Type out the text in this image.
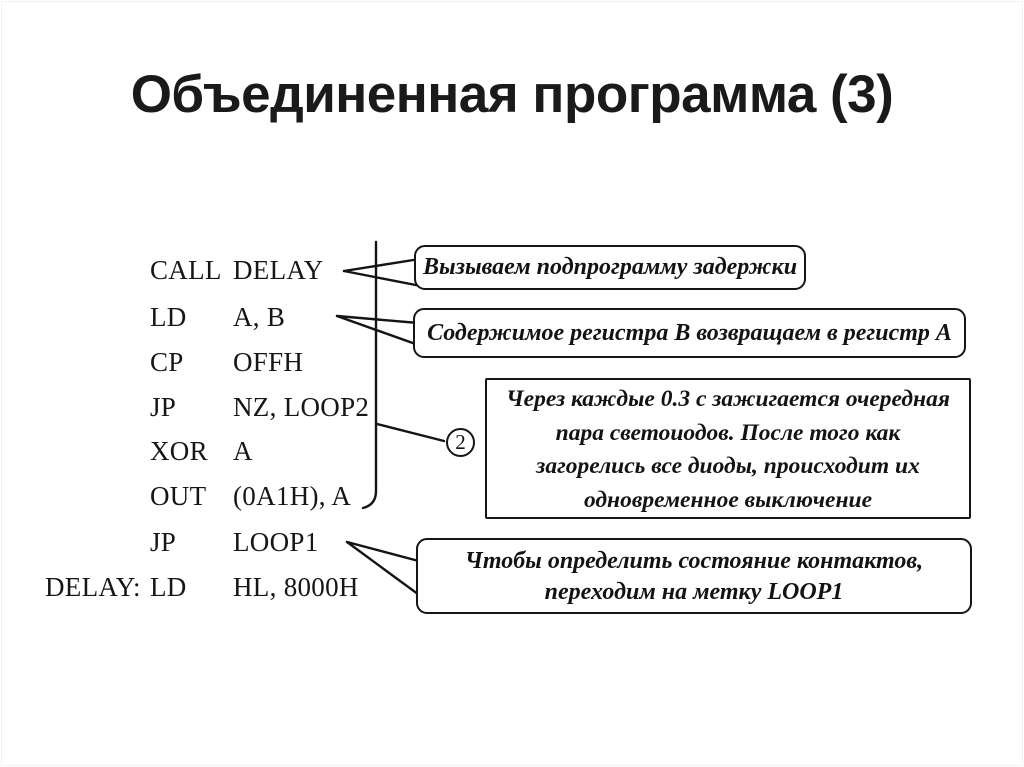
Объединенная программа (3)
CALL DELAY
LD A, B
CP OFFH
JP NZ, LOOP2
XOR A
OUT (0A1H), A
JP LOOP1
DELAY: LD HL, 8000H
Вызываем подпрограмму задержки
Содержимое регистра B возвращаем в регистр A
Через каждые 0.3 с зажигается очередная
пара светоиодов. После того как
загорелись все диоды, происходит их
одновременное выключение
Чтобы определить состояние контактов,
переходим на метку LOOP1
2
